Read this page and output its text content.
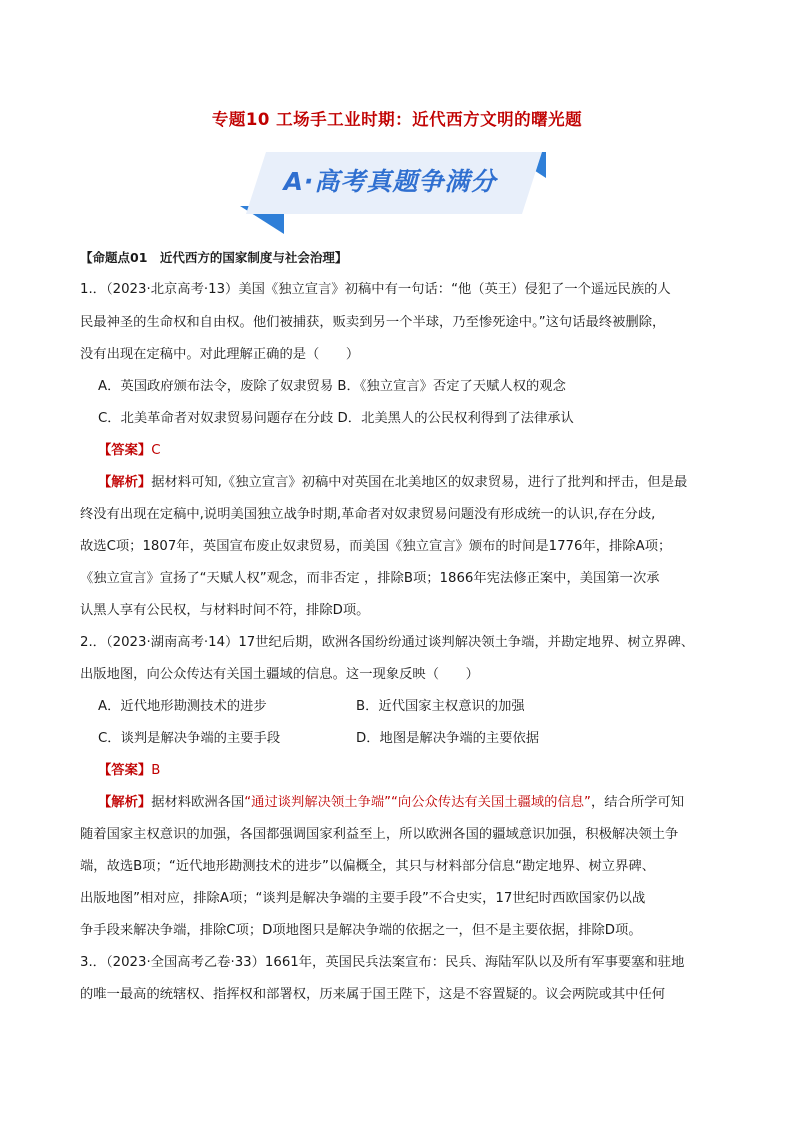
专题10 工场手工业时期：近代西方文明的曙光题
A·高考真题争满分
【命题点01　近代西方的国家制度与社会治理】
1.．（2023·北京高考·13）美国《独立宣言》初稿中有一句话：“他（英王）侵犯了一个遥远民族的人
民最神圣的生命权和自由权。他们被捕获，贩卖到另一个半球，乃至惨死途中。”这句话最终被删除，
没有出现在定稿中。对此理解正确的是（　　）
A．英国政府颁布法令，废除了奴隶贸易 B．《独立宣言》否定了天赋人权的观念
C．北美革命者对奴隶贸易问题存在分歧 D．北美黑人的公民权利得到了法律承认
【答案】C
【解析】据材料可知,《独立宣言》初稿中对英国在北美地区的奴隶贸易，进行了批判和抨击，但是最
终没有出现在定稿中,说明美国独立战争时期,革命者对奴隶贸易问题没有形成统一的认识,存在分歧,
故选C项；1807年，英国宣布废止奴隶贸易，而美国《独立宣言》颁布的时间是1776年，排除A项；
《独立宣言》宣扬了“天赋人权”观念，而非否定 ，排除B项；1866年宪法修正案中，美国第一次承
认黑人享有公民权，与材料时间不符，排除D项。
2.．（2023·湖南高考·14）17世纪后期，欧洲各国纷纷通过谈判解决领土争端，并勘定地界、树立界碑、
出版地图，向公众传达有关国土疆域的信息。这一现象反映（　　）
A．近代地形勘测技术的进步	B．近代国家主权意识的加强
C．谈判是解决争端的主要手段	D．地图是解决争端的主要依据
【答案】B
【解析】据材料欧洲各国“通过谈判解决领土争端”“向公众传达有关国土疆域的信息”，结合所学可知
随着国家主权意识的加强，各国都强调国家利益至上，所以欧洲各国的疆域意识加强，积极解决领土争
端，故选B项；“近代地形勘测技术的进步”以偏概全，其只与材料部分信息“勘定地界、树立界碑、
出版地图”相对应，排除A项；“谈判是解决争端的主要手段”不合史实，17世纪时西欧国家仍以战
争手段来解决争端，排除C项；D项地图只是解决争端的依据之一，但不是主要依据，排除D项。
3.．（2023·全国高考乙卷·33）1661年，英国民兵法案宣布：民兵、海陆军队以及所有军事要塞和驻地
的唯一最高的统辖权、指挥权和部署权，历来属于国王陛下，这是不容置疑的。议会两院或其中任何
